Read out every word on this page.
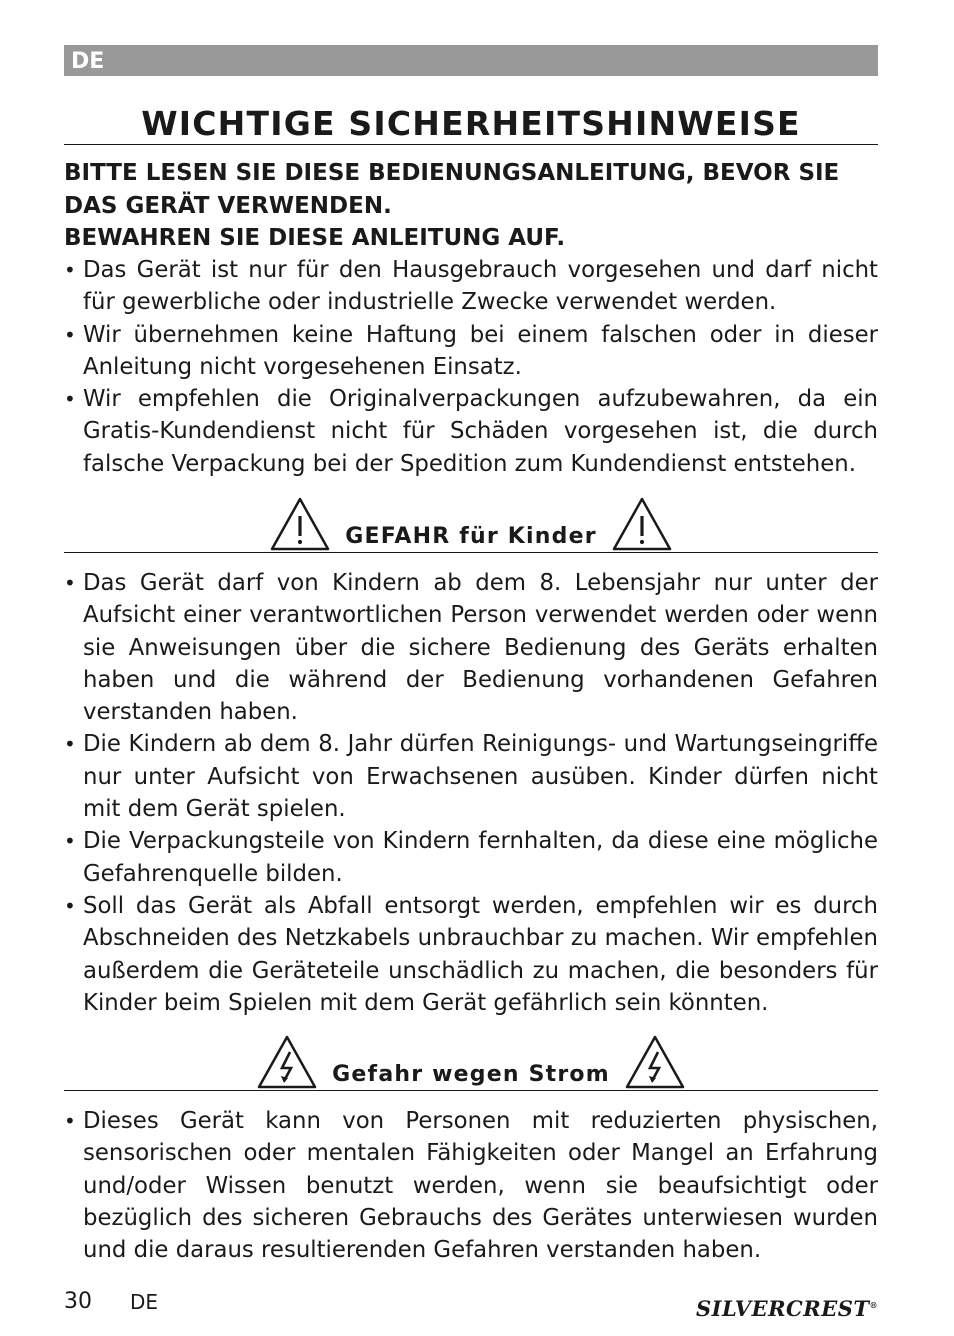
DE
WICHTIGE SICHERHEITSHINWEISE

BITTE LESEN SIE DIESE BEDIENUNGSANLEITUNG, BEVOR SIE DAS GERÄT VERWENDEN.

BEWAHREN SIE DIESE ANLEITUNG AUF.

• Das Gerät ist nur für den Hausgebrauch vorgesehen und darf nicht für gewerbliche oder industrielle Zwecke verwendet werden.
• Wir übernehmen keine Haftung bei einem falschen oder in dieser Anleitung nicht vorgesehenen Einsatz.
• Wir empfehlen die Originalverpackungen aufzubewahren, da ein Gratis-Kundendienst nicht für Schäden vorgesehen ist, die durch falsche Verpackung bei der Spedition zum Kundendienst entstehen.
GEFAHR für Kinder
• Das Gerät darf von Kindern ab dem 8. Lebensjahr nur unter der Aufsicht einer verantwortlichen Person verwendet werden oder wenn sie Anweisungen über die sichere Bedienung des Geräts erhalten haben und die während der Bedienung vorhandenen Gefahren verstanden haben.
• Die Kindern ab dem 8. Jahr dürfen Reinigungs- und Wartungseingriffe nur unter Aufsicht von Erwachsenen ausüben. Kinder dürfen nicht mit dem Gerät spielen.
• Die Verpackungsteile von Kindern fernhalten, da diese eine mögliche Gefahrenquelle bilden.
• Soll das Gerät als Abfall entsorgt werden, empfehlen wir es durch Abschneiden des Netzkabels unbrauchbar zu machen. Wir empfehlen außerdem die Geräteteile unschädlich zu machen, die besonders für Kinder beim Spielen mit dem Gerät gefährlich sein könnten.
Gefahr wegen Strom
• Dieses Gerät kann von Personen mit reduzierten physischen, sensorischen oder mentalen Fähigkeiten oder Mangel an Erfahrung und/oder Wissen benutzt werden, wenn sie beaufsichtigt oder bezüglich des sicheren Gebrauchs des Gerätes unterwiesen wurden und die daraus resultierenden Gefahren verstanden haben.
30 DE	SILVERCREST®
